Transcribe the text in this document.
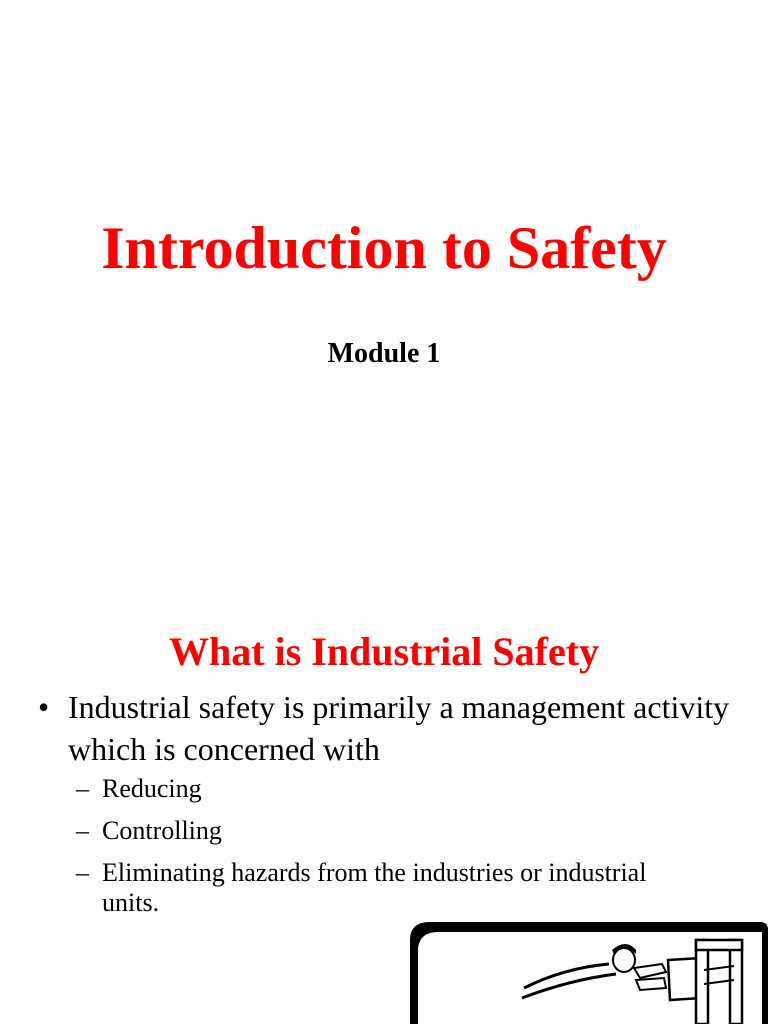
Introduction to Safety
Module 1
What is Industrial Safety
• Industrial safety is primarily a management activity which is concerned with
– Reducing
– Controlling
– Eliminating hazards from the industries or industrial units.
